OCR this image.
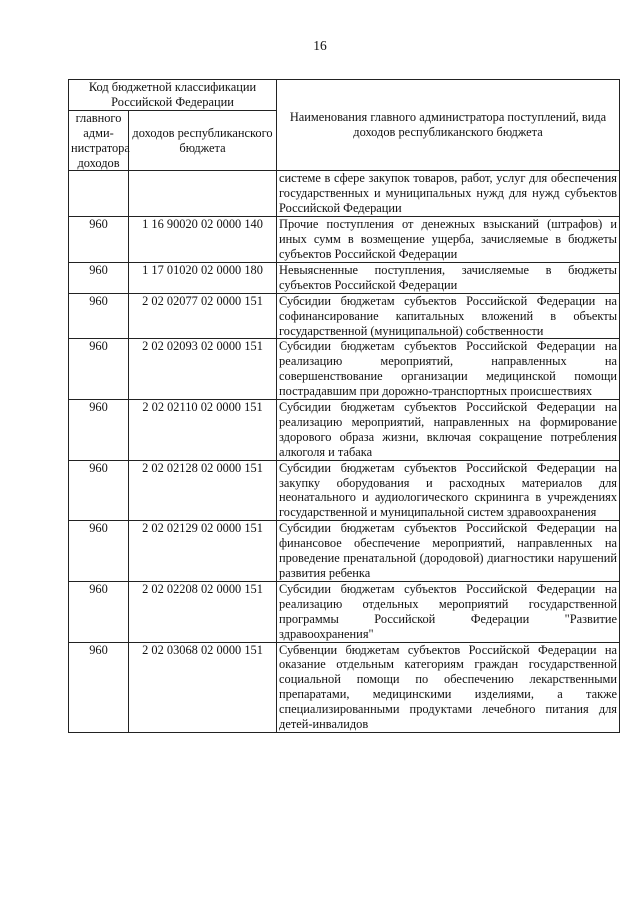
16
Код бюджетной классификации Российской Федерации		Наименования главного администратора поступлений, вида доходов республиканского бюджета
главного адми-нистратора доходов	доходов республиканского бюджета	
		системе в сфере закупок товаров, работ, услуг для обеспечения государственных и муниципальных нужд для нужд субъектов Российской Федерации
960	1 16 90020 02 0000 140	Прочие поступления от денежных взысканий (штрафов) и иных сумм в возмещение ущерба, зачисляемые в бюджеты субъектов Российской Федерации
960	1 17 01020 02 0000 180	Невыясненные поступления, зачисляемые в бюджеты субъектов Российской Федерации
960	2 02 02077 02 0000 151	Субсидии бюджетам субъектов Российской Федерации на софинансирование капитальных вложений в объекты государственной (муниципальной) собственности
960	2 02 02093 02 0000 151	Субсидии бюджетам субъектов Российской Федерации на реализацию мероприятий, направленных на совершенствование организации медицинской помощи пострадавшим при дорожно-транспортных происшествиях
960	2 02 02110 02 0000 151	Субсидии бюджетам субъектов Российской Федерации на реализацию мероприятий, направленных на формирование здорового образа жизни, включая сокращение потребления алкоголя и табака
960	2 02 02128 02 0000 151	Субсидии бюджетам субъектов Российской Федерации на закупку оборудования и расходных материалов для неонатального и аудиологического скрининга в учреждениях государственной и муниципальной систем здравоохранения
960	2 02 02129 02 0000 151	Субсидии бюджетам субъектов Российской Федерации на финансовое обеспечение мероприятий, направленных на проведение пренатальной (дородовой) диагностики нарушений развития ребенка
960	2 02 02208 02 0000 151	Субсидии бюджетам субъектов Российской Федерации на реализацию отдельных мероприятий государственной программы Российской Федерации "Развитие здравоохранения"
960	2 02 03068 02 0000 151	Субвенции бюджетам субъектов Российской Федерации на оказание отдельным категориям граждан государственной социальной помощи по обеспечению лекарственными препаратами, медицинскими изделиями, а также специализированными продуктами лечебного питания для детей-инвалидов
